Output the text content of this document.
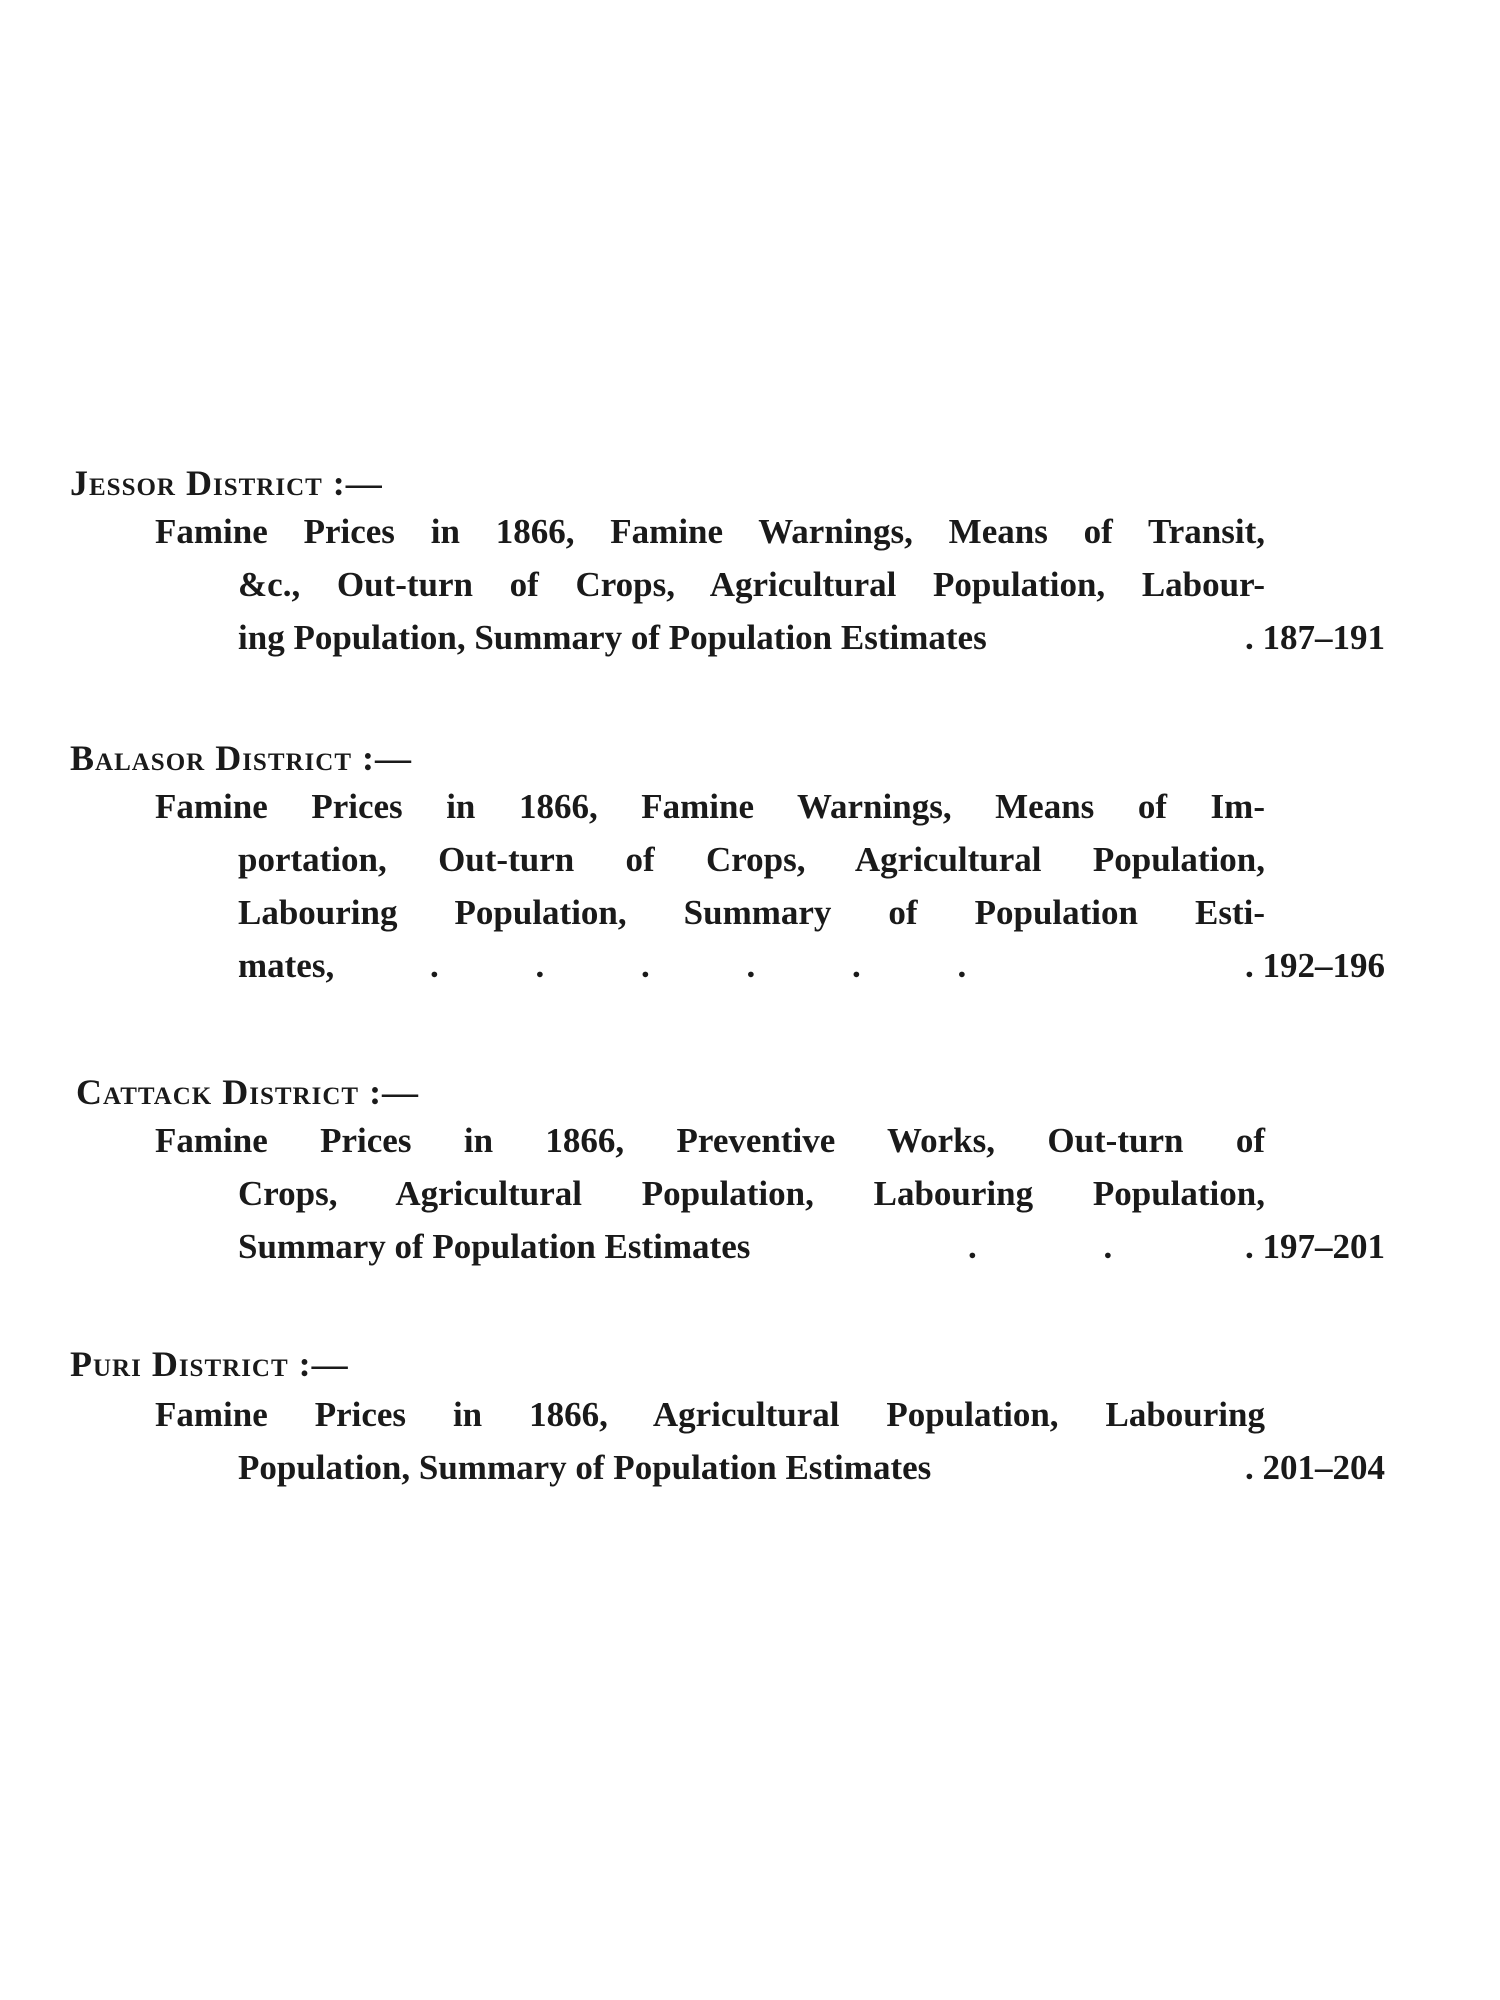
Jessor District :—
Famine Prices in 1866, Famine Warnings, Means of Transit,
&c., Out-turn of Crops, Agricultural Population, Labour-
ing Population, Summary of Population Estimates	. 187–191
Balasor District :—
Famine Prices in 1866, Famine Warnings, Means of Im-
portation, Out-turn of Crops, Agricultural Population,
Labouring Population, Summary of Population Esti-
mates,	. . . . . .	. 192–196
Cattack District :—
Famine Prices in 1866, Preventive Works, Out-turn of
Crops, Agricultural Population, Labouring Population,
Summary of Population Estimates	. .	. 197–201
Puri District :—
Famine Prices in 1866, Agricultural Population, Labouring
Population, Summary of Population Estimates	. 201–204
